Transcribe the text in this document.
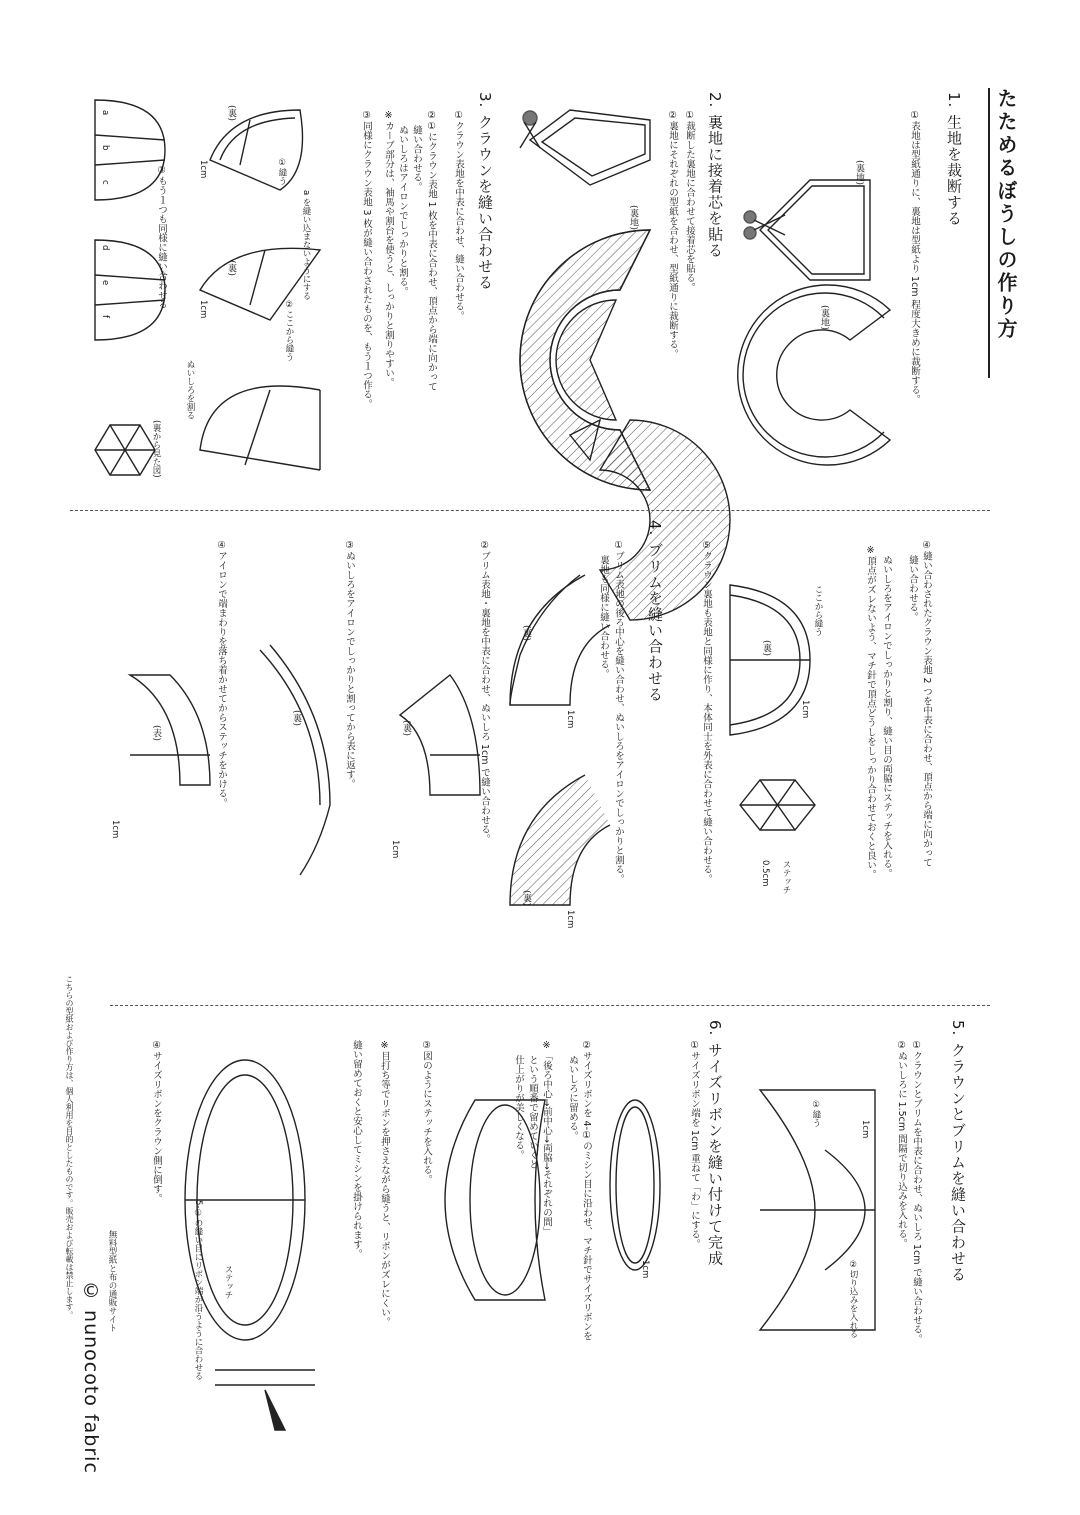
たためるぼうしの作り方
1. 生地を裁断する
①表地は型紙通りに、裏地は型紙より 1cm 程度大きめに裁断する。
(裏地)
(裏地)
2. 裏地に接着芯を貼る
①裁断した裏地に合わせて接着芯を貼る。
②裏地にそれぞれの型紙を合わせ、型紙通りに裁断する。
(裏地)
3. クラウンを縫い合わせる
①クラウン表地を中表に合わせ、縫い合わせる。
②①にクラウン表地 1 枚を中表に合わせ、頂点から端に向かって
縫い合わせる。
ぬいしろはアイロンでしっかりと割る。
※カーブ部分は、袖馬や割台を使うと、しっかりと割りやすい。
③同様にクラウン表地 3 枚が縫い合わされたものを、もう１つ作る。
①縫う
1cm
(裏)
a を縫い込まないようにする
②ここから縫う
(裏)
1cm
ぬいしろを割る
a
b
c
d
e
f
③もう１つも同様に縫い合わせる
(裏から見た図)
④縫い合わされたクラウン表地 2 つを中表に合わせ、頂点から端に向かって
縫い合わせる。
ぬいしろをアイロンでしっかりと割り、縫い目の両脇にステッチを入れる。
※頂点がズレないよう、マチ針で頂点どうしをしっかり合わせておくと良い。
⑤クラウン裏地も表地と同様に作り、本体同士を外表に合わせて縫い合わせる。	ここから縫う
(裏)
1cm
ステッチ
0.5cm
4. ブリムを縫い合わせる
①ブリム表地の後ろ中心を縫い合わせ、ぬいしろをアイロンでしっかりと割る。
裏地も同様に縫い合わせる。
②ブリム表地・裏地を中表に合わせ、ぬいしろ 1cm で縫い合わせる。
③ぬいしろをアイロンでしっかりと割ってから表に返す。
④アイロンで端まわりを落ち着かせてからステッチをかける。	(裏)
1cm
(裏)
1cm
(裏)
1cm
(裏)
(表)
1cm
5. クラウンとブリムを縫い合わせる
①クラウンとブリムを中表に合わせ、ぬいしろ 1cm で縫い合わせる。
②ぬいしろに 1.5cm 間隔で切り込みを入れる。
1cm
①縫う
②切り込みを入れる
6. サイズリボンを縫い付けて完成
①サイズリボン端を 1cm 重ねて「わ」にする。
②サイズリボンを 4-①のミシン目に沿わせ、マチ針でサイズリボンを
ぬいしろに留める。
※「後ろ中心→前中心→両脇→それぞれの間」
という順番で留めていくと
仕上がりが美しくなる。
③図のようにステッチを入れる。
※目打ち等でリボンを押さえながら縫うと、リボンがズレにくい。
縫い留めておくと安心してミシンを掛けられます。
1cm
5-①の縫い目にリボン端が沿うように合わせる ステッチ
④サイズリボンをクラウン側に倒す。
無料型紙と布の通販サイト
© nunocoto fabric
こちらの型紙および作り方は、個人利用を目的としたものです。販売および転載は禁止します。
